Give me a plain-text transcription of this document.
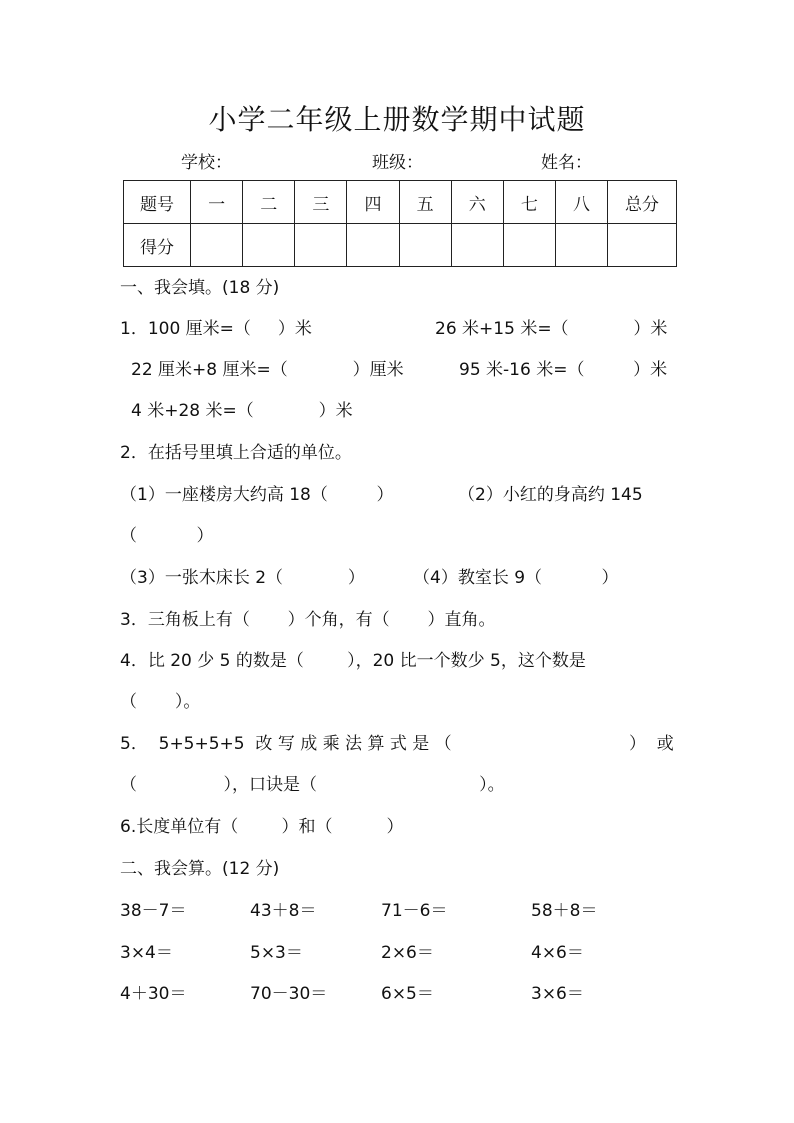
小学二年级上册数学期中试题
学校：	班级：	姓名：
题号	一	二	三	四	五	六	七	八	总分
得分									
一、我会填。(18 分)
1．100 厘米=（     ）米	26 米+15 米=（            ）米
22 厘米+8 厘米=（            ）厘米	95 米-16 米=（         ）米
4 米+28 米=（            ）米
2．在括号里填上合适的单位。
（1）一座楼房大约高 18（         ）	（2）小红的身高约 145
（           ）
（3）一张木床长 2（            ）	（4）教室长 9（           ）
3．三角板上有（       ）个角，有（       ）直角。
4．比 20 少 5 的数是（        ），20 比一个数少 5，这个数是
（       ）。
5．  5+5+5+5  改 写 成 乘 法 算 式 是 （	）  或
（                ），口诀是（                              ）。
6.长度单位有（        ）和（          ）
二、我会算。(12 分)
38－7＝	43＋8＝	71－6＝	58＋8＝
3×4＝	5×3＝	2×6＝	4×6＝
4＋30＝	70－30＝	6×5＝	3×6＝
